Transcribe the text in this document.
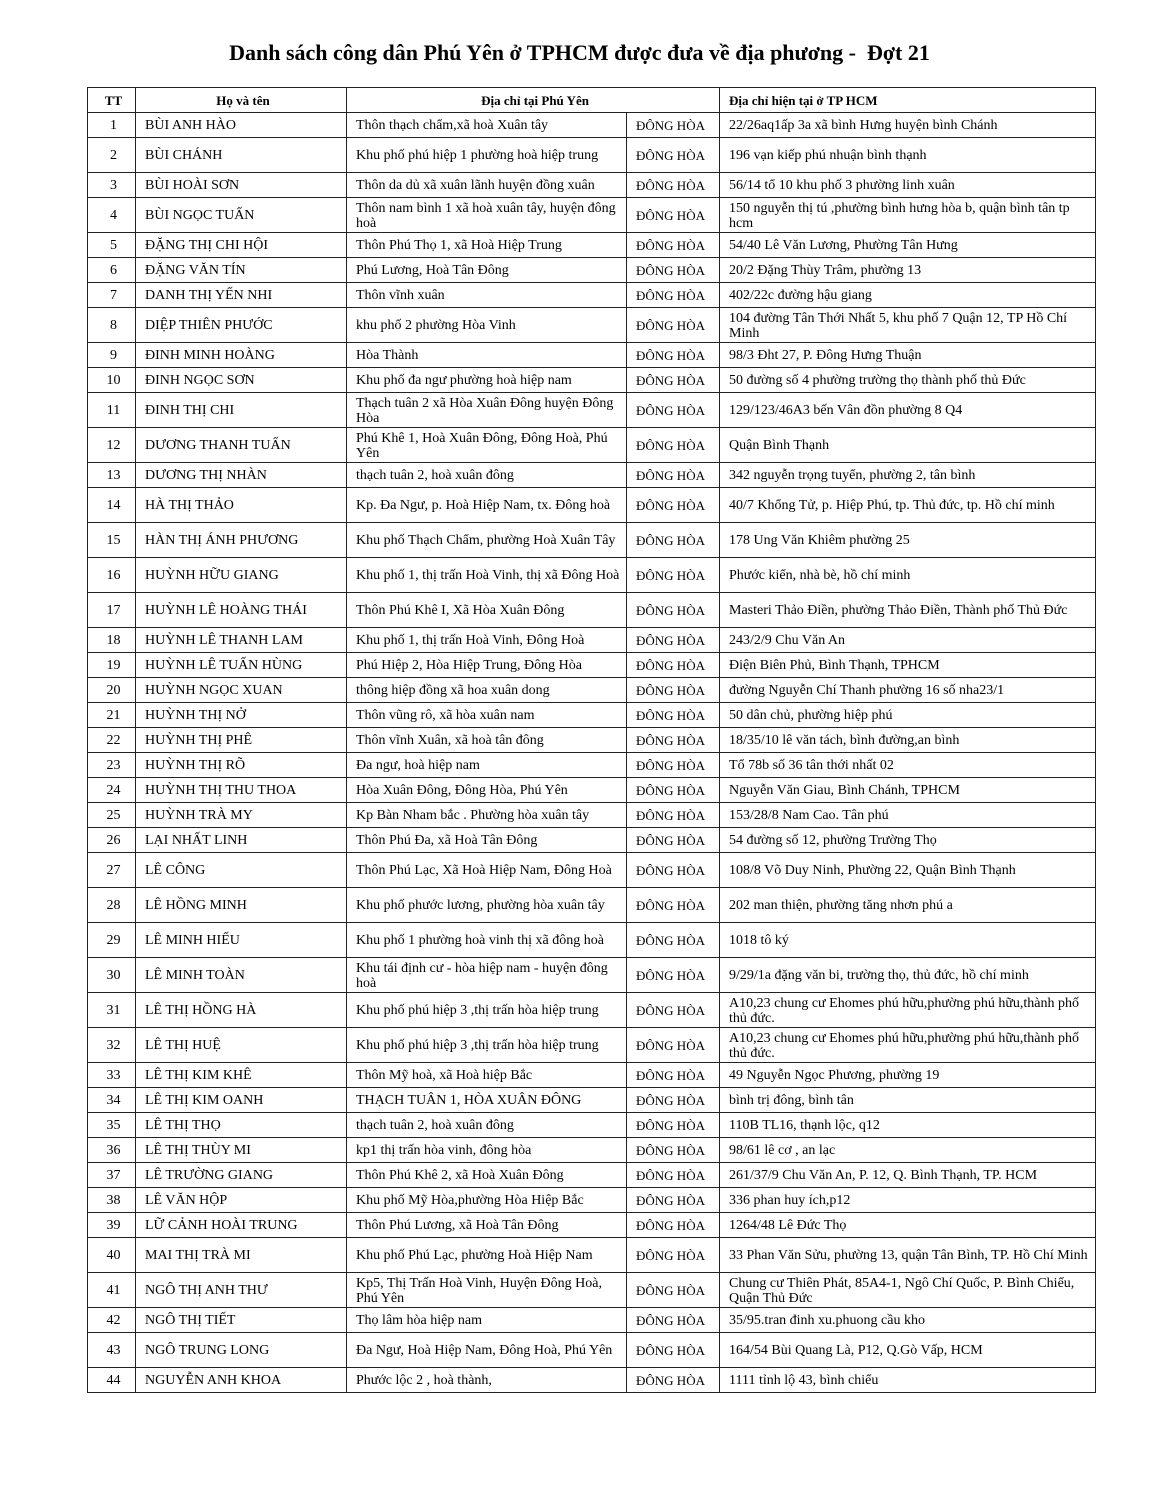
Danh sách công dân Phú Yên ở TPHCM được đưa về địa phương -  Đợt 21
TT	Họ và tên	Địa chỉ tại Phú Yên		Địa chỉ hiện tại ở TP HCM
1	BÙI ANH HÀO	Thôn thạch chẩm,xã hoà Xuân tây	ĐÔNG HÒA	22/26aq1ấp 3a xã bình Hưng huyện bình Chánh
2	BÙI CHÁNH	Khu phố phú hiệp 1 phường hoà hiệp trung	ĐÔNG HÒA	196 vạn kiếp phú nhuận bình thạnh
3	BÙI HOÀI SƠN	Thôn da dủ xã xuân lãnh huyện đồng xuân	ĐÔNG HÒA	56/14 tổ 10 khu phố 3 phường linh xuân
4	BÙI NGỌC TUẤN	Thôn nam bình 1 xã hoà xuân tây, huyện đông hoà	ĐÔNG HÒA	150 nguyễn thị tú ,phường bình hưng hòa b, quận bình tân tp hcm
5	ĐẶNG THỊ CHI HỘI	Thôn Phú Thọ 1, xã Hoà Hiệp Trung	ĐÔNG HÒA	54/40 Lê Văn Lương, Phường Tân Hưng
6	ĐẶNG VĂN TÍN	Phú Lương, Hoà Tân Đông	ĐÔNG HÒA	20/2 Đặng Thùy Trâm, phường 13
7	DANH THỊ YẾN NHI	Thôn vĩnh xuân	ĐÔNG HÒA	402/22c đường hậu giang
8	DIỆP THIÊN PHƯỚC	khu phố 2 phường Hòa Vinh	ĐÔNG HÒA	104 đường Tân Thới Nhất 5, khu phố 7 Quận 12, TP Hồ Chí Minh
9	ĐINH MINH HOÀNG	Hòa Thành	ĐÔNG HÒA	98/3 Đht 27, P. Đông Hưng Thuận
10	ĐINH NGỌC SƠN	Khu phố đa ngư phường hoà hiệp nam	ĐÔNG HÒA	50 đường số 4 phường trường thọ thành phố thủ Đức
11	ĐINH THỊ CHI	Thạch tuân 2 xã Hòa Xuân Đông huyện Đông Hòa	ĐÔNG HÒA	129/123/46A3 bến Vân đồn phường 8 Q4
12	DƯƠNG THANH TUẤN	Phú Khê 1, Hoà Xuân Đông, Đông Hoà, Phú Yên	ĐÔNG HÒA	Quận Bình Thạnh
13	DƯƠNG THỊ NHÀN	thạch tuân 2, hoà xuân đông	ĐÔNG HÒA	342 nguyễn trọng tuyển, phường 2, tân bình
14	HÀ THỊ THẢO	Kp. Đa Ngư, p. Hoà Hiệp Nam, tx. Đông hoà	ĐÔNG HÒA	40/7 Khổng Tử, p. Hiệp Phú, tp. Thủ đức, tp. Hồ chí minh
15	HÀN THỊ ÁNH PHƯƠNG	Khu phố Thạch Chẩm, phường Hoà Xuân Tây	ĐÔNG HÒA	178 Ung Văn Khiêm phường 25
16	HUỲNH HỮU GIANG	Khu phố 1, thị trấn Hoà Vinh, thị xã Đông Hoà	ĐÔNG HÒA	Phước kiển, nhà bè, hồ chí minh
17	HUỲNH LÊ HOÀNG THÁI	Thôn Phú Khê I, Xã Hòa Xuân Đông	ĐÔNG HÒA	Masteri Thảo Điền, phường Thảo Điền, Thành phố Thủ Đức
18	HUỲNH LÊ THANH LAM	Khu phố 1, thị trấn Hoà Vinh, Đông Hoà	ĐÔNG HÒA	243/2/9 Chu Văn An
19	HUỲNH LÊ TUẤN HÙNG	Phú Hiệp 2, Hòa Hiệp Trung, Đông Hòa	ĐÔNG HÒA	Điện Biên Phủ, Bình Thạnh, TPHCM
20	HUỲNH NGỌC XUAN	thông hiệp đồng xã hoa xuân dong	ĐÔNG HÒA	đường Nguyễn Chí Thanh phường 16 số nha23/1
21	HUỲNH THỊ NỞ	Thôn vũng rô, xã hòa xuân nam	ĐÔNG HÒA	50 dân chủ, phường hiệp phú
22	HUỲNH THỊ PHÊ	Thôn vĩnh Xuân, xã hoà tân đông	ĐÔNG HÒA	18/35/10 lê văn tách, bình đường,an bình
23	HUỲNH THỊ RÕ	Đa ngư, hoà hiệp nam	ĐÔNG HÒA	Tổ 78b số 36 tân thới nhất 02
24	HUỲNH THỊ THU THOA	Hòa Xuân Đông, Đông Hòa, Phú Yên	ĐÔNG HÒA	Nguyễn Văn Giau, Bình Chánh, TPHCM
25	HUỲNH TRÀ MY	Kp Bàn Nham bắc . Phường hòa xuân tây	ĐÔNG HÒA	153/28/8 Nam Cao. Tân phú
26	LẠI NHẤT LINH	Thôn Phú Đa, xã Hoà Tân Đông	ĐÔNG HÒA	54 đường số 12, phường Trường Thọ
27	LÊ CÔNG	Thôn Phú Lạc, Xã Hoà Hiệp Nam, Đông Hoà	ĐÔNG HÒA	108/8 Võ Duy Ninh, Phường 22, Quận Bình Thạnh
28	LÊ HỒNG MINH	Khu phố phước lương, phường hòa xuân tây	ĐÔNG HÒA	202 man thiện, phường tăng nhơn phú a
29	LÊ MINH HIẾU	Khu phố 1 phường hoà vinh thị xã đông hoà	ĐÔNG HÒA	1018 tô ký
30	LÊ MINH TOÀN	Khu tái định cư - hòa hiệp nam - huyện đông hoà	ĐÔNG HÒA	9/29/1a đặng văn bi, trường thọ, thủ đức, hồ chí minh
31	LÊ THỊ HỒNG HÀ	Khu phố phú hiệp 3 ,thị trấn hòa hiệp trung	ĐÔNG HÒA	A10,23 chung cư Ehomes phú hữu,phường phú hữu,thành phố thủ đức.
32	LÊ THỊ HUỆ	Khu phố phú hiệp 3 ,thị trấn hòa hiệp trung	ĐÔNG HÒA	A10,23 chung cư Ehomes phú hữu,phường phú hữu,thành phố thủ đức.
33	LÊ THỊ KIM KHÊ	Thôn Mỹ hoà, xã Hoà hiệp Bắc	ĐÔNG HÒA	49 Nguyễn Ngọc Phương, phường 19
34	LÊ THỊ KIM OANH	THẠCH TUÂN 1, HÒA XUÂN ĐÔNG	ĐÔNG HÒA	bình trị đông, bình tân
35	LÊ THỊ THỌ	thạch tuân 2, hoà xuân đông	ĐÔNG HÒA	110B TL16, thạnh lộc, q12
36	LÊ THỊ THÙY MI	kp1 thị trấn hòa vinh, đông hòa	ĐÔNG HÒA	98/61 lê cơ , an lạc
37	LÊ TRƯỜNG GIANG	Thôn Phú Khê 2, xã Hoà Xuân Đông	ĐÔNG HÒA	261/37/9 Chu Văn An, P. 12, Q. Bình Thạnh, TP. HCM
38	LÊ VĂN HỘP	Khu phố Mỹ Hòa,phường Hòa Hiệp Bắc	ĐÔNG HÒA	336 phan huy ích,p12
39	LỮ CẢNH HOÀI TRUNG	Thôn Phú Lương, xã Hoà Tân Đông	ĐÔNG HÒA	1264/48 Lê Đức Thọ
40	MAI THỊ TRÀ MI	Khu phố Phú Lạc, phường Hoà Hiệp Nam	ĐÔNG HÒA	33 Phan Văn Sửu, phường 13, quận Tân Bình, TP. Hồ Chí Minh
41	NGÔ THỊ ANH THƯ	Kp5, Thị Trấn Hoà Vinh, Huyện Đông Hoà, Phú Yên	ĐÔNG HÒA	Chung cư Thiên Phát, 85A4-1, Ngô Chí Quốc, P. Bình Chiểu, Quận Thủ Đức
42	NGÔ THỊ TIẾT	Thọ lâm hòa hiệp nam	ĐÔNG HÒA	35/95.tran đinh xu.phuong cầu kho
43	NGÔ TRUNG LONG	Đa Ngư, Hoà Hiệp Nam, Đông Hoà, Phú Yên	ĐÔNG HÒA	164/54 Bùi Quang Là, P12, Q.Gò Vấp, HCM
44	NGUYỄN ANH KHOA	Phước lộc 2 , hoà thành,	ĐÔNG HÒA	1111 tỉnh lộ 43, bình chiểu
